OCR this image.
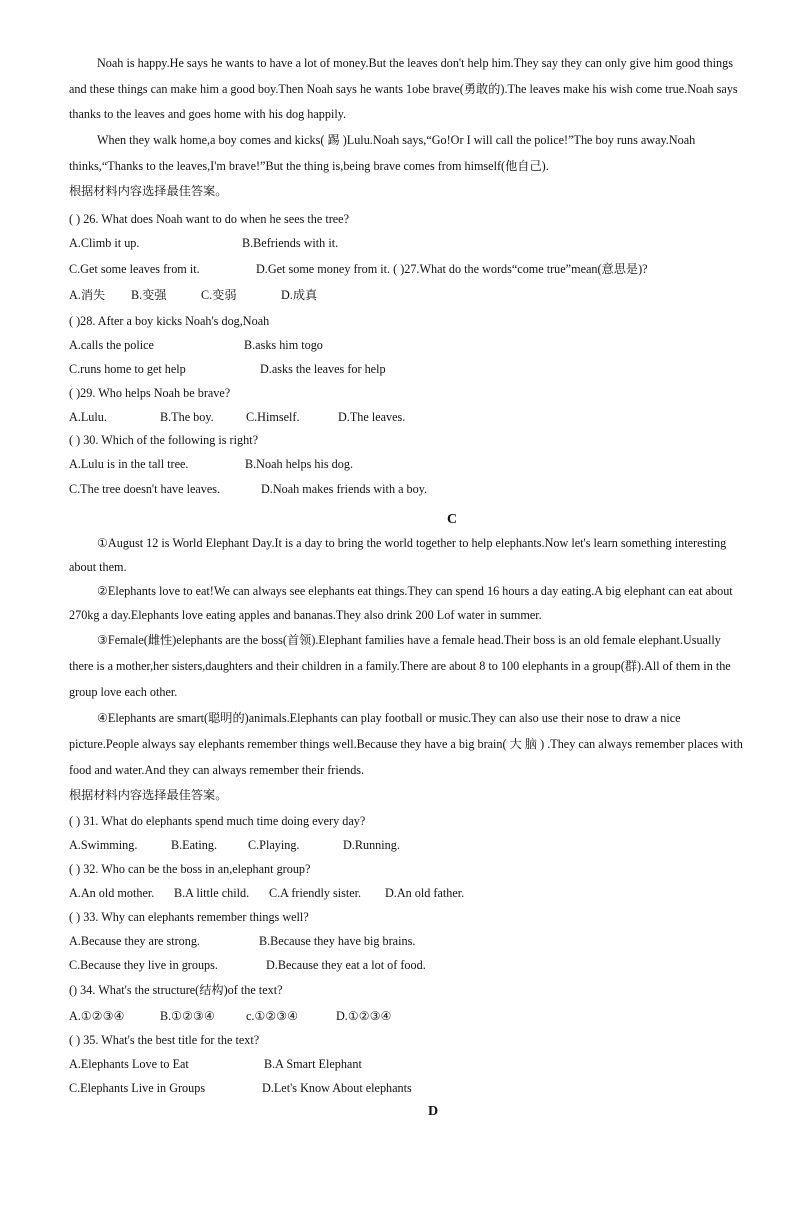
Noah is happy.He says he wants to have a lot of money.But the leaves don't help him.They say they can only give him good things
and these things can make him a good boy.Then Noah says he wants 1obe brave(勇敢的).The leaves make his wish come true.Noah says
thanks to the leaves and goes home with his dog happily.
When they walk home,a boy comes and kicks( 踢 )Lulu.Noah says,“Go!Or I will call the police!”The boy runs away.Noah
thinks,“Thanks to the leaves,I'm brave!”But the thing is,being brave comes from himself(他自己).
根据材料内容选择最佳答案。
( ) 26. What does Noah want to do when he sees the tree?
A.Climb it up.	B.Befriends with it.
C.Get some leaves from it.	D.Get some money from it. ( )27.What do the words“come true”mean(意思是)?
A.消失 B.变强	C.变弱	D.成真
( )28. After a boy kicks Noah's dog,Noah
A.calls the police	B.asks him togo
C.runs home to get help	D.asks the leaves for help
( )29. Who helps Noah be brave?
A.Lulu.	B.The boy.	C.Himself.	D.The leaves.
( ) 30. Which of the following is right?
A.Lulu is in the tall tree.	B.Noah helps his dog.
C.The tree doesn't have leaves.	D.Noah makes friends with a boy.
C
①August 12 is World Elephant Day.It is a day to bring the world together to help elephants.Now let's learn something interesting
about them.
②Elephants love to eat!We can always see elephants eat things.They can spend 16 hours a day eating.A big elephant can eat about
270kg a day.Elephants love eating apples and bananas.They also drink 200 Lof water in summer.
③Female(雌性)elephants are the boss(首领).Elephant families have a female head.Their boss is an old female elephant.Usually
there is a mother,her sisters,daughters and their children in a family.There are about 8 to 100 elephants in a group(群).All of them in the
group love each other.
④Elephants are smart(聪明的)animals.Elephants can play football or music.They can also use their nose to draw a nice
picture.People always say elephants remember things well.Because they have a big brain( 大 脑 ) .They can always remember places with
food and water.And they can always remember their friends.
根据材料内容选择最佳答案。
( ) 31. What do elephants spend much time doing every day?
A.Swimming.	B.Eating.	C.Playing.	D.Running.
( ) 32. Who can be the boss in an,elephant group?
A.An old mother. B.A little child. C.A friendly sister. D.An old father.
( ) 33. Why can elephants remember things well?
A.Because they are strong.	B.Because they have big brains.
C.Because they live in groups.	D.Because they eat a lot of food.
() 34. What's the structure(结构)of the text?
A.①②③④	B.①②③④	c.①②③④	D.①②③④
( ) 35. What's the best title for the text?
A.Elephants Love to Eat	B.A Smart Elephant
C.Elephants Live in Groups	D.Let's Know About elephants
D
